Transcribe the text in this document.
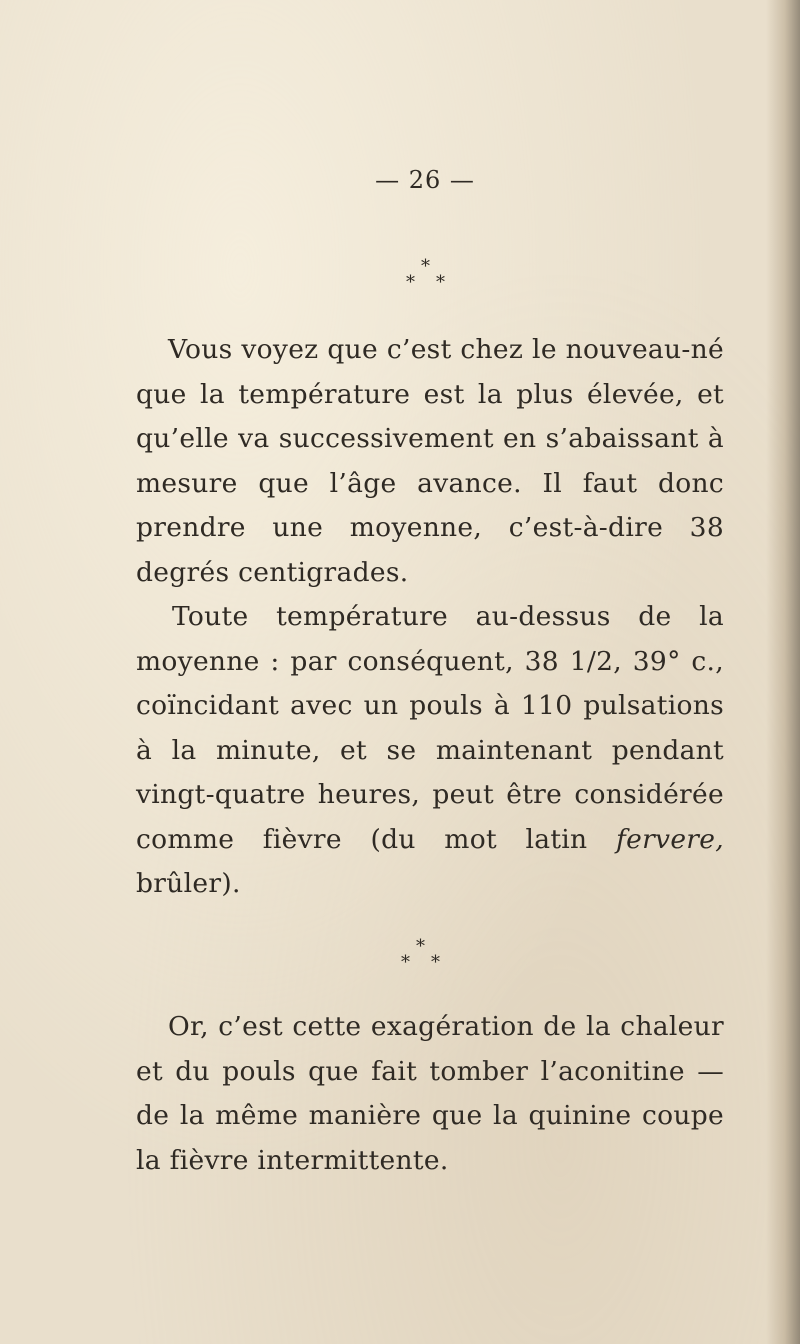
— 26 —
*
* *

Vous voyez que c’est chez le nouveau-né que la température est la plus élevée, et qu’elle va successivement en s’abaissant à mesure que l’âge avance. Il faut donc prendre une moyenne, c’est-à-dire 38 degrés centigrades.

Toute température au-dessus de la moyenne : par conséquent, 38 1/2, 39° c., coïncidant avec un pouls à 110 pulsations à la minute, et se maintenant pendant vingt-quatre heures, peut être considérée comme fièvre (du mot latin fervere, brûler).

*
* *

Or, c’est cette exagération de la chaleur et du pouls que fait tomber l’aconitine — de la même manière que la quinine coupe la fièvre intermittente.
